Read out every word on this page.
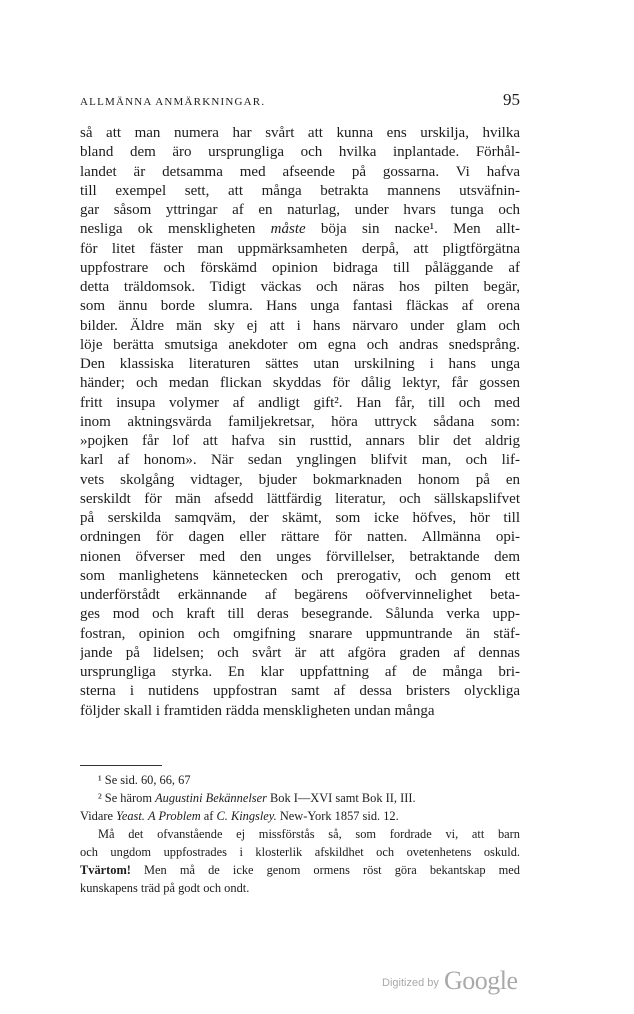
ALLMÄNNA ANMÄRKNINGAR.	95
så att man numera har svårt att kunna ens urskilja, hvilka
bland dem äro ursprungliga och hvilka inplantade. Förhål-
landet är detsamma med afseende på gossarna. Vi hafva
till exempel sett, att många betrakta mannens utsväfnin-
gar såsom yttringar af en naturlag, under hvars tunga och
nesliga ok menskligheten måste böja sin nacke¹. Men allt-
för litet fäster man uppmärksamheten derpå, att pligtförgätna
uppfostrare och förskämd opinion bidraga till påläggande af
detta träldomsok. Tidigt väckas och näras hos pilten begär,
som ännu borde slumra. Hans unga fantasi fläckas af orena
bilder. Äldre män sky ej att i hans närvaro under glam och
löje berätta smutsiga anekdoter om egna och andras snedsprång.
Den klassiska literaturen sättes utan urskilning i hans unga
händer; och medan flickan skyddas för dålig lektyr, får gossen
fritt insupa volymer af andligt gift². Han får, till och med
inom aktningsvärda familjekretsar, höra uttryck sådana som:
»pojken får lof att hafva sin rusttid, annars blir det aldrig
karl af honom». När sedan ynglingen blifvit man, och lif-
vets skolgång vidtager, bjuder bokmarknaden honom på en
serskildt för män afsedd lättfärdig literatur, och sällskapslifvet
på serskilda samqväm, der skämt, som icke höfves, hör till
ordningen för dagen eller rättare för natten. Allmänna opi-
nionen öfverser med den unges förvillelser, betraktande dem
som manlighetens kännetecken och prerogativ, och genom ett
underförstådt erkännande af begärens oöfvervinnelighet beta-
ges mod och kraft till deras besegrande. Sålunda verka upp-
fostran, opinion och omgifning snarare uppmuntrande än stäf-
jande på lidelsen; och svårt är att afgöra graden af dennas
ursprungliga styrka. En klar uppfattning af de många bri-
sterna i nutidens uppfostran samt af dessa bristers olyckliga
följder skall i framtiden rädda menskligheten undan många
¹ Se sid. 60, 66, 67
² Se härom Augustini Bekännelser Bok I—XVI samt Bok II, III.
Vidare Yeast. A Problem af C. Kingsley. New-York 1857 sid. 12.
Må det ofvanstående ej missförstås så, som fordrade vi, att barn
och ungdom uppfostrades i klosterlik afskildhet och ovetenhetens oskuld.
Tvärtom! Men må de icke genom ormens röst göra bekantskap med
kunskapens träd på godt och ondt.
Digitized by Google
